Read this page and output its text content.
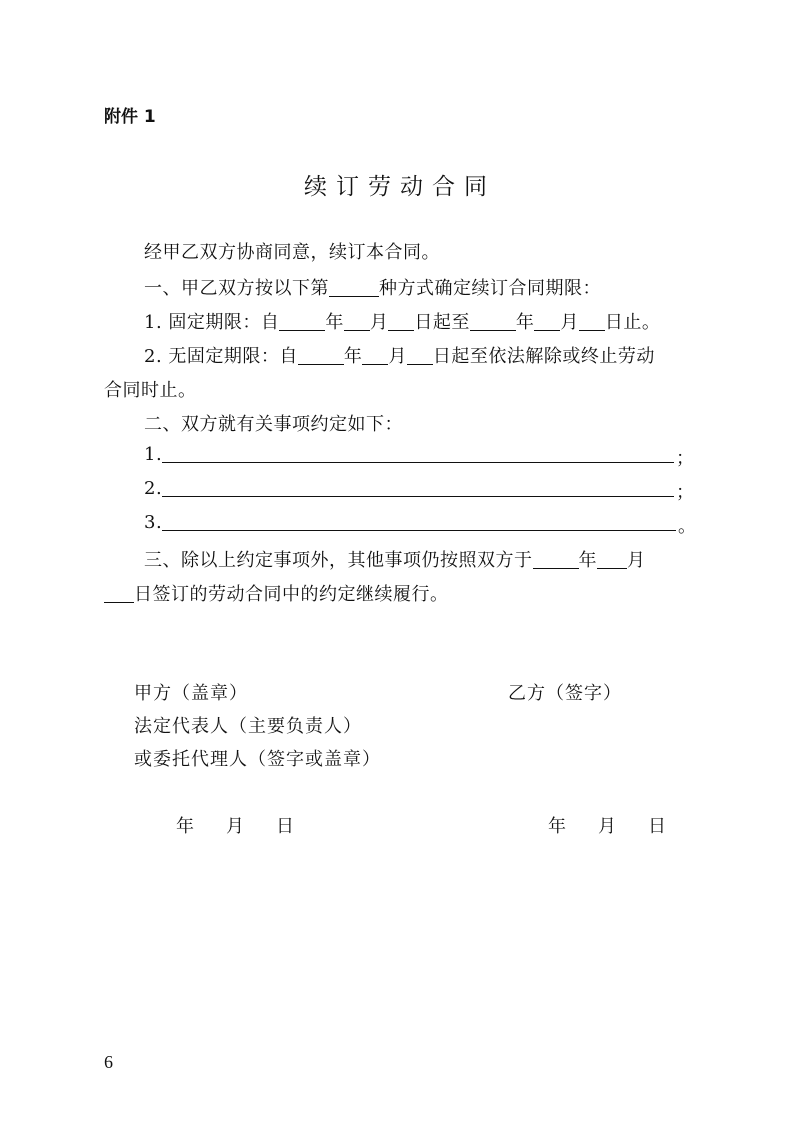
附件 1
续订劳动合同
经甲乙双方协商同意，续订本合同。
一、甲乙双方按以下第	种方式确定续订合同期限：
1. 固定期限：自	年 月 日起至	年 月 日止。
2. 无固定期限：自	年 月 日起至依法解除或终止劳动
合同时止。
二、双方就有关事项约定如下：
1.	；
2.	；
3.	。
三、除以上约定事项外，其他事项仍按照双方于	年 月
日签订的劳动合同中的约定继续履行。
甲方（盖章）	乙方（签字）
法定代表人（主要负责人）
或委托代理人（签字或盖章）
年 月 日	年 月 日
6
